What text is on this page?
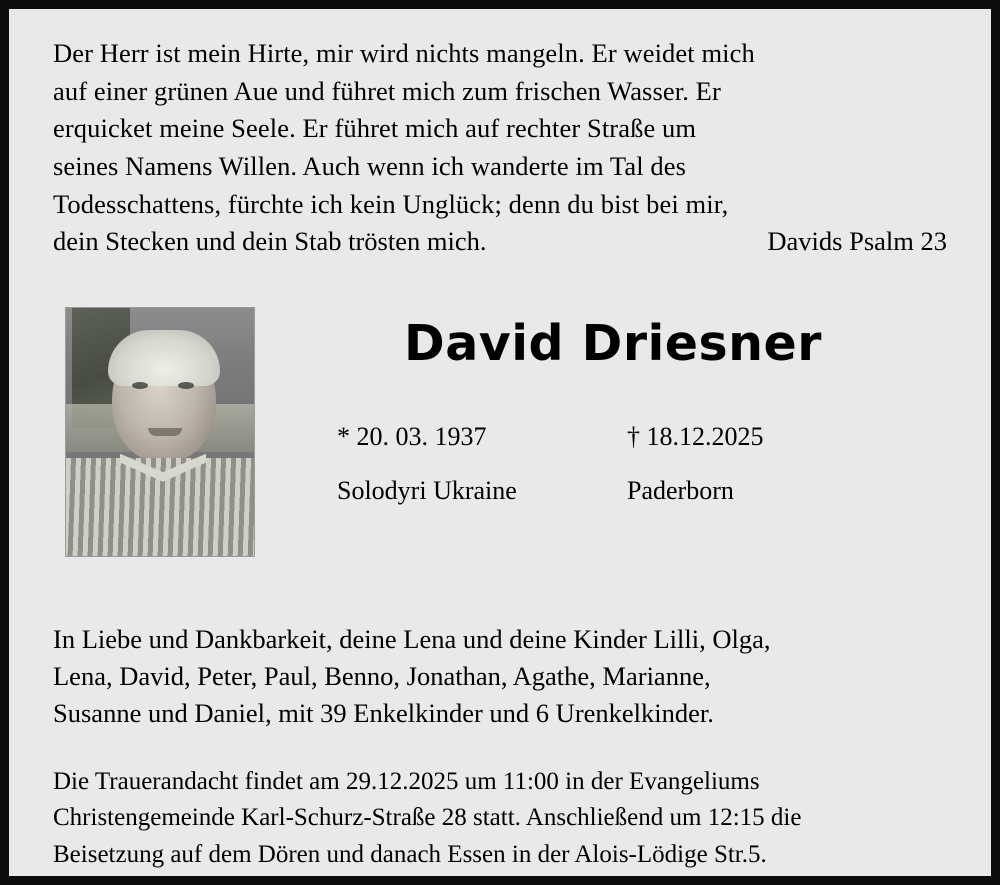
Der Herr ist mein Hirte, mir wird nichts mangeln. Er weidet mich
auf einer grünen Aue und führet mich zum frischen Wasser. Er
erquicket meine Seele. Er führet mich auf rechter Straße um
seines Namens Willen. Auch wenn ich wanderte im Tal des
Todesschattens, fürchte ich kein Unglück; denn du bist bei mir,
dein Stecken und dein Stab trösten mich.	Davids Psalm 23
David Driesner
* 20. 03. 1937	† 18.12.2025
Solodyri Ukraine	Paderborn
In Liebe und Dankbarkeit, deine Lena und deine Kinder Lilli, Olga,
Lena, David, Peter, Paul, Benno, Jonathan, Agathe, Marianne,
Susanne und Daniel, mit 39 Enkelkinder und 6 Urenkelkinder.
Die Trauerandacht findet am 29.12.2025 um 11:00 in der Evangeliums
Christengemeinde Karl-Schurz-Straße 28 statt. Anschließend um 12:15 die
Beisetzung auf dem Dören und danach Essen in der Alois-Lödige Str.5.
